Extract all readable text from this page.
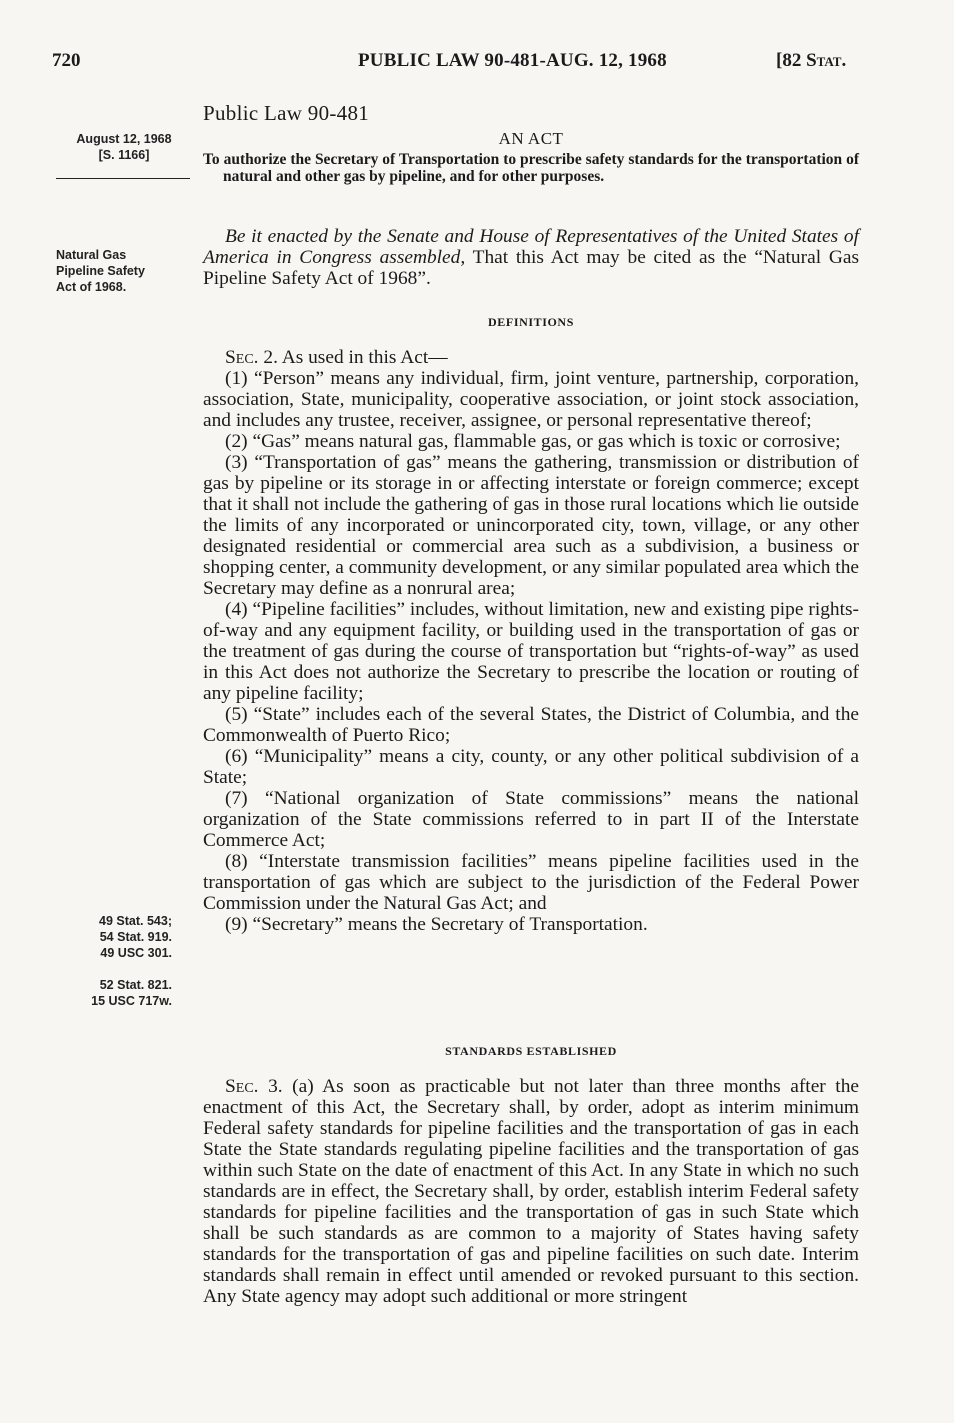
720	PUBLIC LAW 90-481-AUG. 12, 1968	[82 Stat.
Public Law 90-481
August 12, 1968
[S. 1166]
Natural Gas
Pipeline Safety
Act of 1968.
49 Stat. 543;
54 Stat. 919.
49 USC 301.
52 Stat. 821.
15 USC 717w.
AN ACT
To authorize the Secretary of Transportation to prescribe safety standards for the transportation of natural and other gas by pipeline, and for other purposes.

Be it enacted by the Senate and House of Representatives of the United States of America in Congress assembled, That this Act may be cited as the “Natural Gas Pipeline Safety Act of 1968”.

DEFINITIONS

Sec. 2. As used in this Act—

(1) “Person” means any individual, firm, joint venture, partnership, corporation, association, State, municipality, cooperative association, or joint stock association, and includes any trustee, receiver, assignee, or personal representative thereof;

(2) “Gas” means natural gas, flammable gas, or gas which is toxic or corrosive;

(3) “Transportation of gas” means the gathering, transmission or distribution of gas by pipeline or its storage in or affecting interstate or foreign commerce; except that it shall not include the gathering of gas in those rural locations which lie outside the limits of any incorporated or unincorporated city, town, village, or any other designated residential or commercial area such as a subdivision, a business or shopping center, a community development, or any similar populated area which the Secretary may define as a nonrural area;

(4) “Pipeline facilities” includes, without limitation, new and existing pipe rights-of-way and any equipment facility, or building used in the transportation of gas or the treatment of gas during the course of transportation but “rights-of-way” as used in this Act does not authorize the Secretary to prescribe the location or routing of any pipeline facility;

(5) “State” includes each of the several States, the District of Columbia, and the Commonwealth of Puerto Rico;

(6) “Municipality” means a city, county, or any other political subdivision of a State;

(7) “National organization of State commissions” means the national organization of the State commissions referred to in part II of the Interstate Commerce Act;

(8) “Interstate transmission facilities” means pipeline facilities used in the transportation of gas which are subject to the jurisdiction of the Federal Power Commission under the Natural Gas Act; and

(9) “Secretary” means the Secretary of Transportation.

STANDARDS ESTABLISHED

Sec. 3. (a) As soon as practicable but not later than three months after the enactment of this Act, the Secretary shall, by order, adopt as interim minimum Federal safety standards for pipeline facilities and the transportation of gas in each State the State standards regulating pipeline facilities and the transportation of gas within such State on the date of enactment of this Act. In any State in which no such standards are in effect, the Secretary shall, by order, establish interim Federal safety standards for pipeline facilities and the transportation of gas in such State which shall be such standards as are common to a majority of States having safety standards for the transportation of gas and pipeline facilities on such date. Interim standards shall remain in effect until amended or revoked pursuant to this section. Any State agency may adopt such additional or more stringent
